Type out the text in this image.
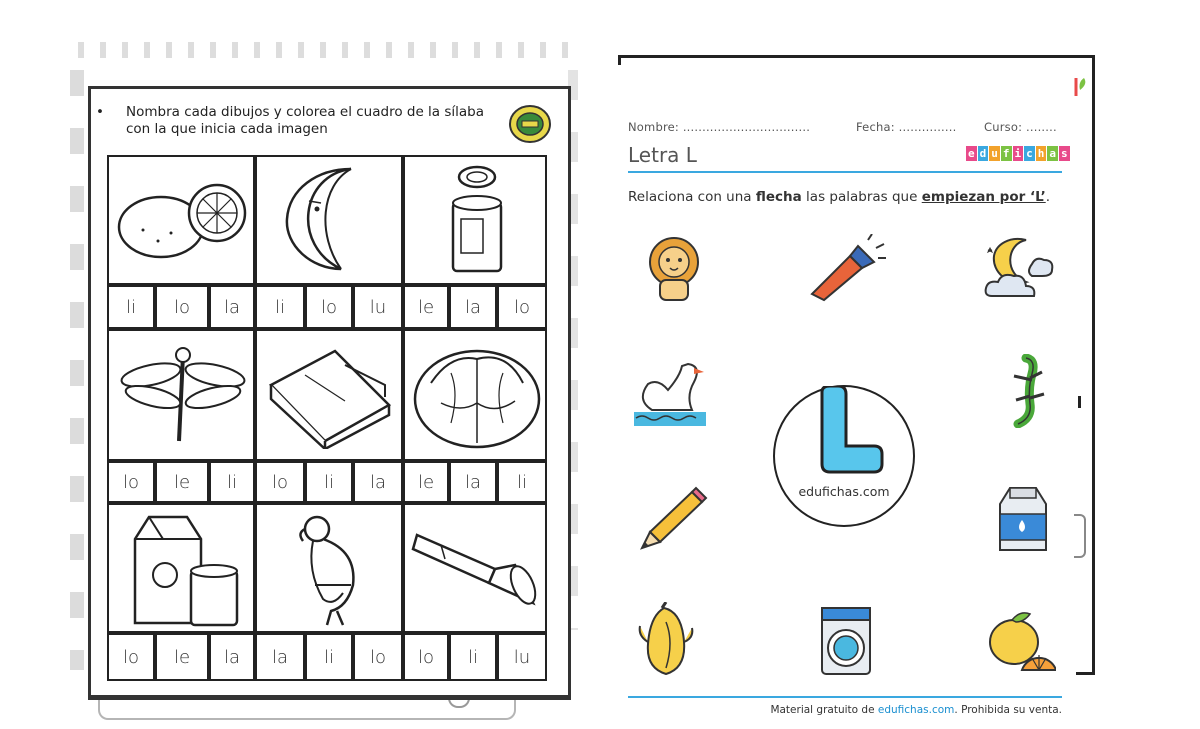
• Nombra cada dibujos y colorea el cuadro de la sílaba con la que inicia cada imagen
li	lo	la	li	lo	lu	le	la	lo
lo	le	li	lo	li	la	le	la	li
lo	le	la	la	li	lo	lo	li	lu
Nombre: .................................	Fecha: ............... Curso: ........
Letra L	e d u f i c h a s
Relaciona con una flecha las palabras que empiezan por ‘L’.
edufichas.com
Material gratuito de edufichas.com. Prohibida su venta.
